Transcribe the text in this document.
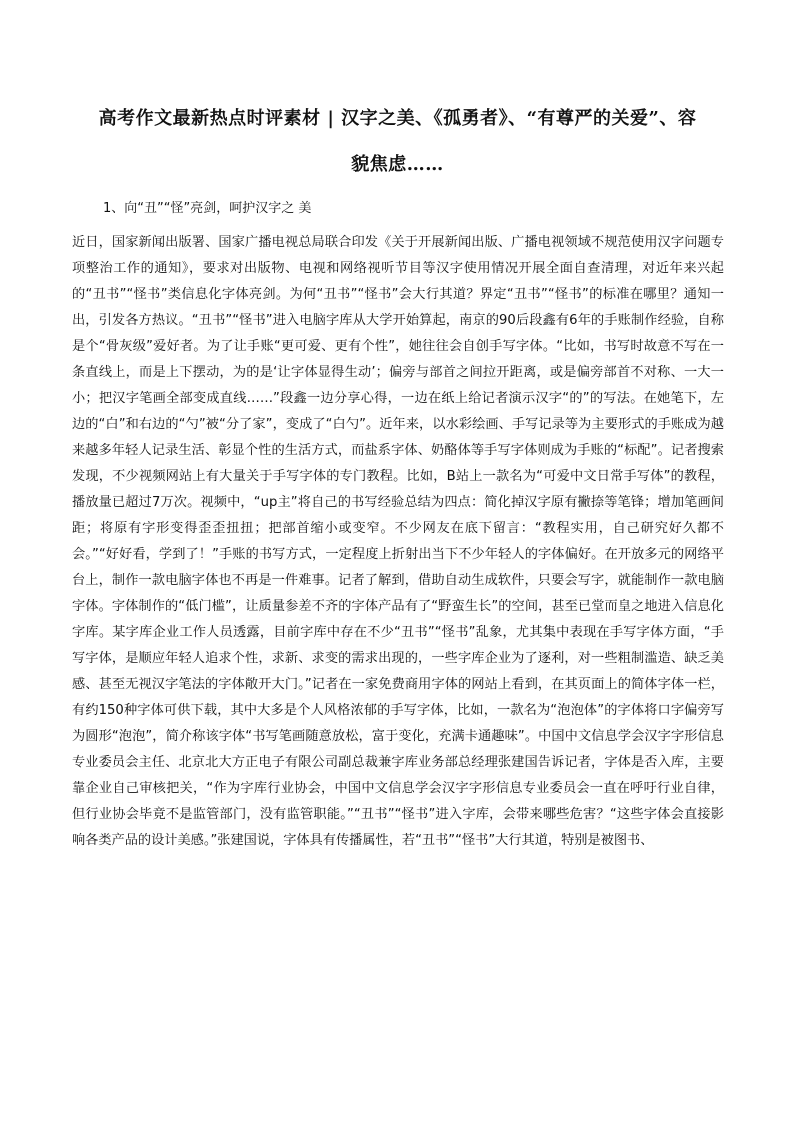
高考作文最新热点时评素材 | 汉字之美、《孤勇者》、“有尊严的关爱”、容貌焦虑……

1、向“丑”“怪”亮剑，呵护汉字之 美

近日，国家新闻出版署、国家广播电视总局联合印发《关于开展新闻出版、广播电视领域不规范使用汉字问题专项整治工作的通知》，要求对出版物、电视和网络视听节目等汉字使用情况开展全面自查清理，对近年来兴起的“丑书”“怪书”类信息化字体亮剑。为何“丑书”“怪书”会大行其道？界定“丑书”“怪书”的标准在哪里？通知一出，引发各方热议。“丑书”“怪书”进入电脑字库从大学开始算起，南京的90后段鑫有6年的手账制作经验，自称是个“骨灰级”爱好者。为了让手账“更可爱、更有个性”，她往往会自创手写字体。“比如，书写时故意不写在一条直线上，而是上下摆动，为的是‘让字体显得生动’；偏旁与部首之间拉开距离，或是偏旁部首不对称、一大一小；把汉字笔画全部变成直线……”段鑫一边分享心得，一边在纸上给记者演示汉字“的”的写法。在她笔下，左边的“白”和右边的“勺”被“分了家”，变成了“白勺”。近年来，以水彩绘画、手写记录等为主要形式的手账成为越来越多年轻人记录生活、彰显个性的生活方式，而盐系字体、奶酪体等手写字体则成为手账的“标配”。记者搜索发现，不少视频网站上有大量关于手写字体的专门教程。比如，B站上一款名为“可爱中文日常手写体”的教程，播放量已超过7万次。视频中，“up主”将自己的书写经验总结为四点：简化掉汉字原有撇捺等笔锋；增加笔画间距；将原有字形变得歪歪扭扭；把部首缩小或变窄。不少网友在底下留言：“教程实用，自己研究好久都不会。”“好好看，学到了！”手账的书写方式，一定程度上折射出当下不少年轻人的字体偏好。在开放多元的网络平台上，制作一款电脑字体也不再是一件难事。记者了解到，借助自动生成软件，只要会写字，就能制作一款电脑字体。字体制作的“低门槛”，让质量参差不齐的字体产品有了“野蛮生长”的空间，甚至已堂而皇之地进入信息化字库。某字库企业工作人员透露，目前字库中存在不少“丑书”“怪书”乱象，尤其集中表现在手写字体方面，“手写字体，是顺应年轻人追求个性，求新、求变的需求出现的，一些字库企业为了逐利，对一些粗制滥造、缺乏美感、甚至无视汉字笔法的字体敞开大门。”记者在一家免费商用字体的网站上看到，在其页面上的简体字体一栏，有约150种字体可供下载，其中大多是个人风格浓郁的手写字体，比如，一款名为“泡泡体”的字体将口字偏旁写为圆形“泡泡”，简介称该字体“书写笔画随意放松，富于变化，充满卡通趣味”。中国中文信息学会汉字字形信息专业委员会主任、北京北大方正电子有限公司副总裁兼字库业务部总经理张建国告诉记者，字体是否入库，主要靠企业自己审核把关，“作为字库行业协会，中国中文信息学会汉字字形信息专业委员会一直在呼吁行业自律，但行业协会毕竟不是监管部门，没有监管职能。”“丑书”“怪书”进入字库，会带来哪些危害？“这些字体会直接影响各类产品的设计美感。”张建国说，字体具有传播属性，若“丑书”“怪书”大行其道，特别是被图书、
